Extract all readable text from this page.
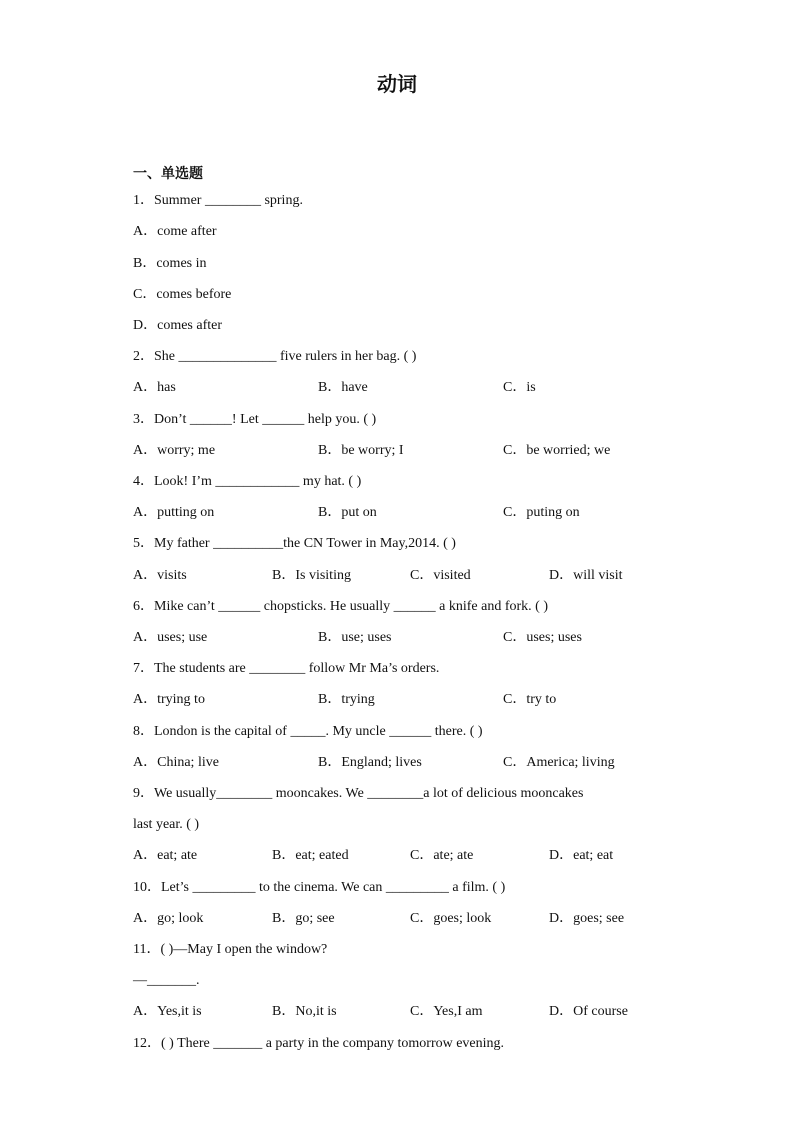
动词
一、单选题
1．Summer ________ spring.
A．come after
B．comes in
C．comes before
D．comes after
2．She ______________ five rulers in her bag. ( )
A．has	B．have	C．is
3．Don’t ______! Let ______ help you. ( )
A．worry; me	B．be worry; I	C．be worried; we
4．Look! I’m ____________ my hat. ( )
A．putting on	B．put on	C．puting on
5．My father __________the CN Tower in May,2014. ( )
A．visits	B．Is visiting	C．visited	D．will visit
6．Mike can’t ______ chopsticks. He usually ______ a knife and fork. ( )
A．uses; use	B．use; uses	C．uses; uses
7．The students are ________ follow Mr Ma’s orders.
A．trying to	B．trying	C．try to
8．London is the capital of _____. My uncle ______ there. ( )
A．China; live	B．England; lives	C．America; living
9．We usually________ mooncakes. We ________a lot of delicious mooncakes
last year. ( )
A．eat; ate	B．eat; eated	C．ate; ate	D．eat; eat
10．Let’s _________ to the cinema. We can _________ a film. ( )
A．go; look	B．go; see	C．goes; look	D．goes; see
11．( )—May I open the window?
—_______.
A．Yes,it is	B．No,it is	C．Yes,I am	D．Of course
12．( ) There _______ a party in the company tomorrow evening.
